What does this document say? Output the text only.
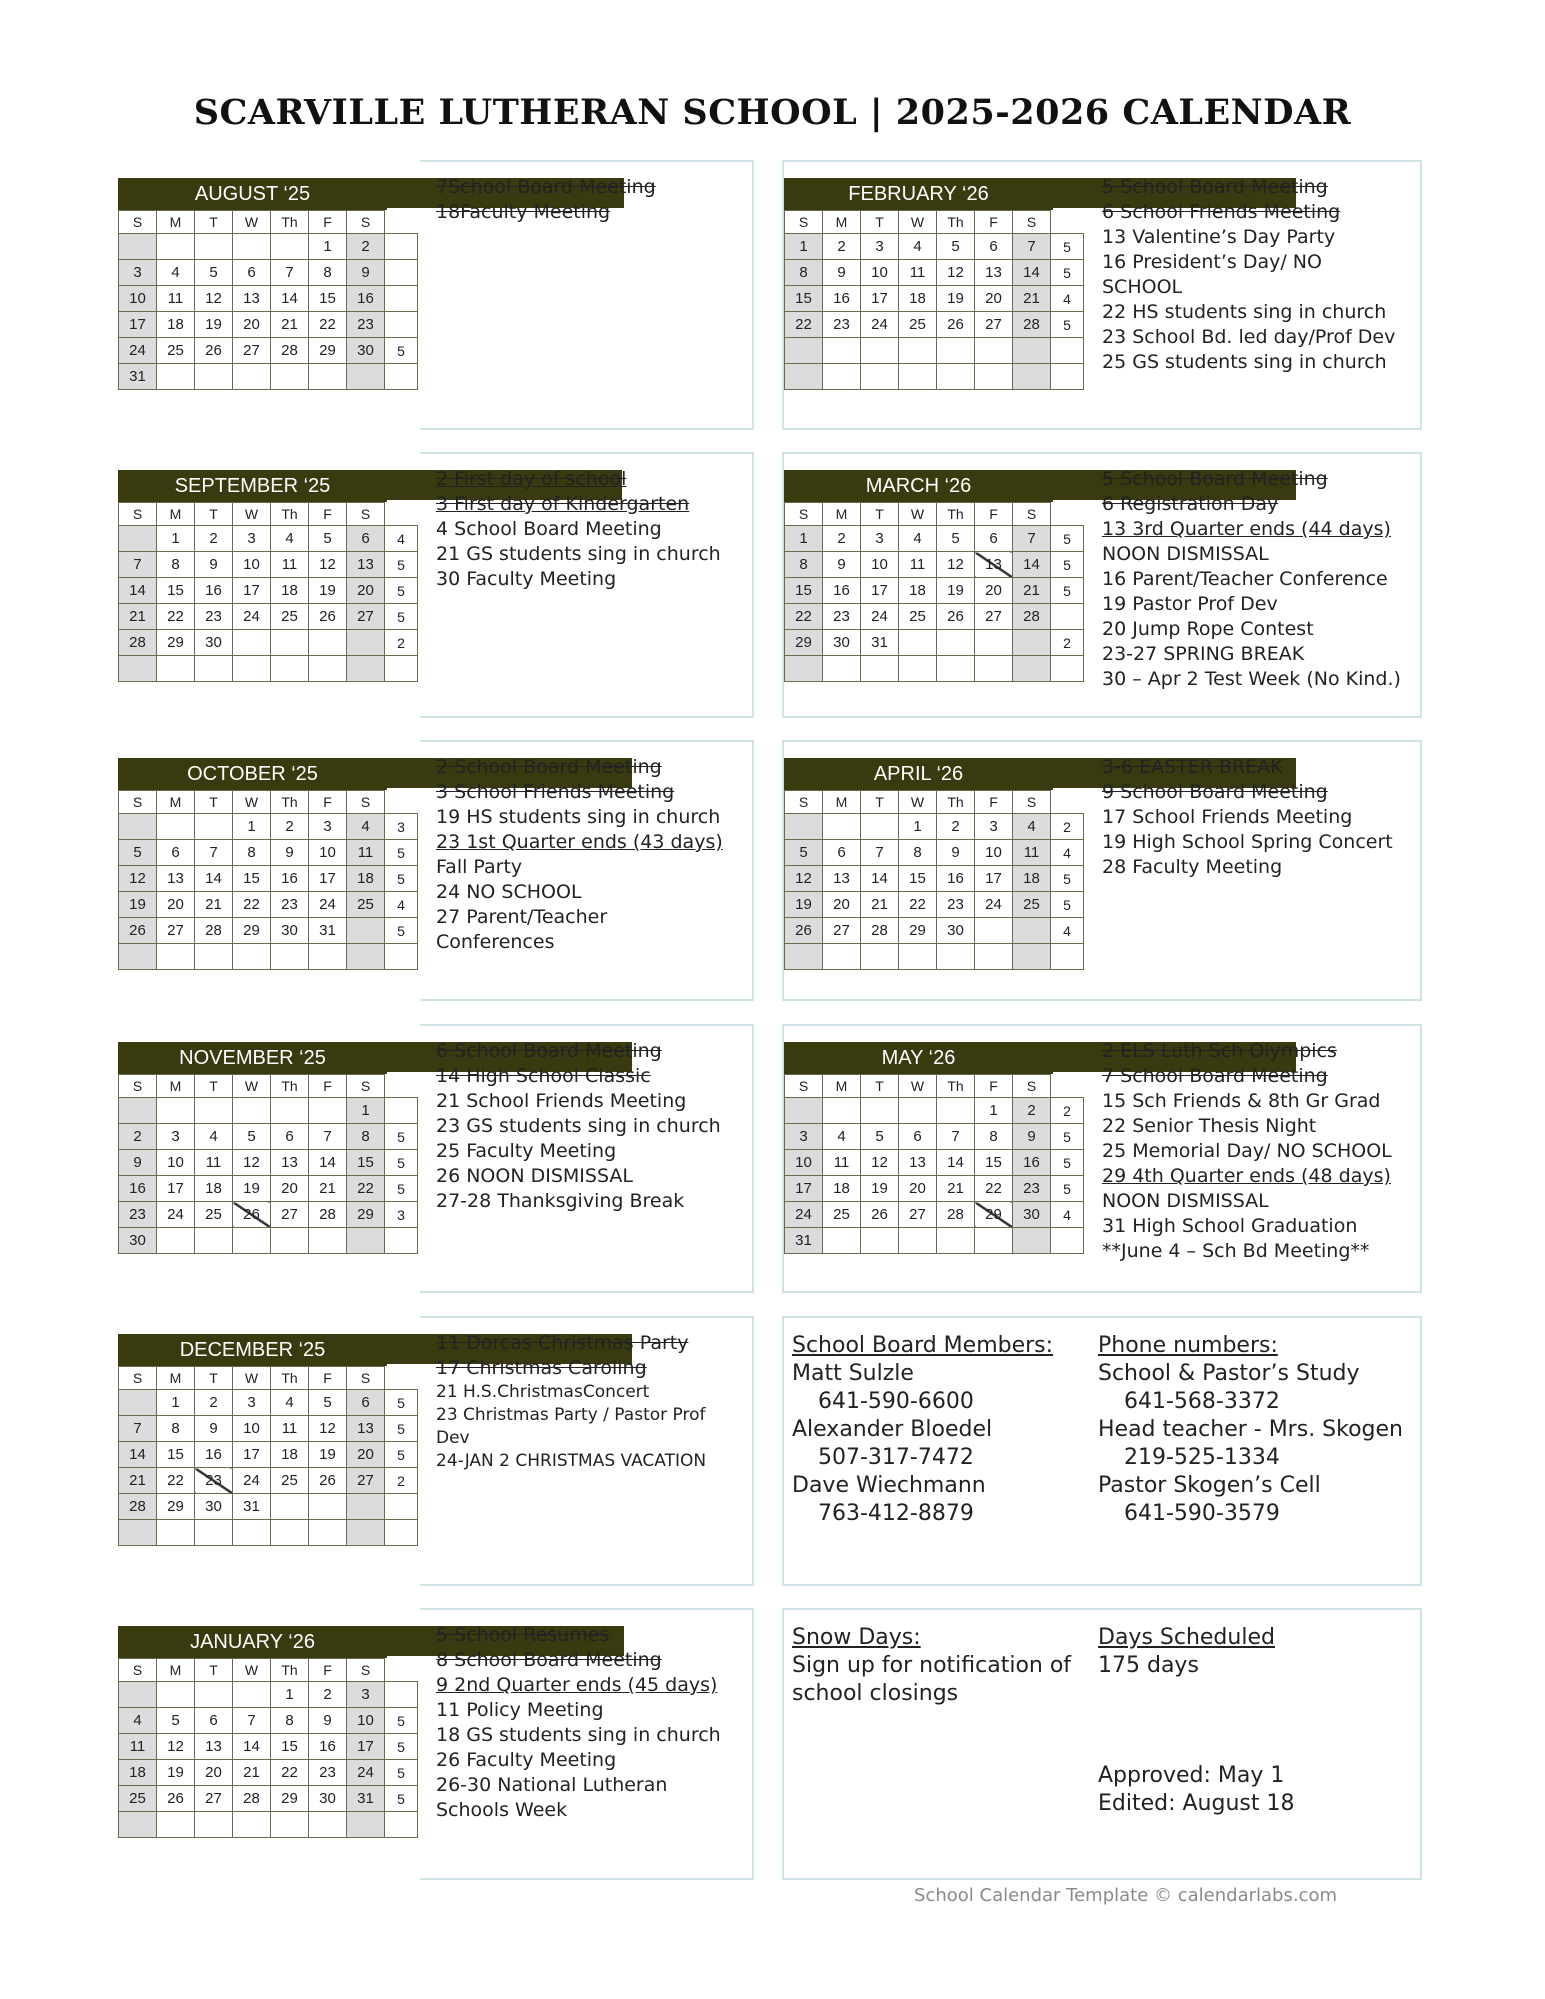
SCARVILLE LUTHERAN SCHOOL | 2025-2026 CALENDAR
AUGUST ‘25
S	M	T	W	Th	F	S	
					1	2	
3	4	5	6	7	8	9	
10	11	12	13	14	15	16	
17	18	19	20	21	22	23	
24	25	26	27	28	29	30	5
31							
7School Board Meeting
18Faculty Meeting
FEBRUARY ‘26
S	M	T	W	Th	F	S	
1	2	3	4	5	6	7	5
8	9	10	11	12	13	14	5
15	16	17	18	19	20	21	4
22	23	24	25	26	27	28	5

5 School Board Meeting
6 School Friends Meeting
13 Valentine’s Day Party
16 President’s Day/ NO
SCHOOL
22 HS students sing in church
23 School Bd. led day/Prof Dev
25 GS students sing in church
SEPTEMBER ‘25
S	M	T	W	Th	F	S	
	1	2	3	4	5	6	4
7	8	9	10	11	12	13	5
14	15	16	17	18	19	20	5
21	22	23	24	25	26	27	5
28	29	30					2

2 First day of school
3 First day of Kindergarten
4 School Board Meeting
21 GS students sing in church
30 Faculty Meeting
MARCH ‘26
S	M	T	W	Th	F	S	
1	2	3	4	5	6	7	5
8	9	10	11	12	13	14	5
15	16	17	18	19	20	21	5
22	23	24	25	26	27	28	
29	30	31					2

5 School Board Meeting
6 Registration Day
13 3rd Quarter ends (44 days)
NOON DISMISSAL
16 Parent/Teacher Conference
19 Pastor Prof Dev
20 Jump Rope Contest
23-27 SPRING BREAK
30 – Apr 2 Test Week (No Kind.)
OCTOBER ‘25
S	M	T	W	Th	F	S	
			1	2	3	4	3
5	6	7	8	9	10	11	5
12	13	14	15	16	17	18	5
19	20	21	22	23	24	25	4
26	27	28	29	30	31		5

2 School Board Meeting
3 School Friends Meeting
19 HS students sing in church
23 1st Quarter ends (43 days)
Fall Party
24 NO SCHOOL
27 Parent/Teacher
Conferences
APRIL ‘26
S	M	T	W	Th	F	S	
			1	2	3	4	2
5	6	7	8	9	10	11	4
12	13	14	15	16	17	18	5
19	20	21	22	23	24	25	5
26	27	28	29	30			4

3-6 EASTER BREAK
9 School Board Meeting
17 School Friends Meeting
19 High School Spring Concert
28 Faculty Meeting
NOVEMBER ‘25
S	M	T	W	Th	F	S	
						1	
2	3	4	5	6	7	8	5
9	10	11	12	13	14	15	5
16	17	18	19	20	21	22	5
23	24	25	26	27	28	29	3
30							
6 School Board Meeting
14 High School Classic
21 School Friends Meeting
23 GS students sing in church
25 Faculty Meeting
26 NOON DISMISSAL
27-28 Thanksgiving Break
MAY ‘26
S	M	T	W	Th	F	S	
					1	2	2
3	4	5	6	7	8	9	5
10	11	12	13	14	15	16	5
17	18	19	20	21	22	23	5
24	25	26	27	28	29	30	4
31							
2 ELS Luth Sch Olympics
7 School Board Meeting
15 Sch Friends & 8th Gr Grad
22 Senior Thesis Night
25 Memorial Day/ NO SCHOOL
29 4th Quarter ends (48 days)
NOON DISMISSAL
31 High School Graduation
**June 4 – Sch Bd Meeting**
DECEMBER ‘25
S	M	T	W	Th	F	S	
	1	2	3	4	5	6	5
7	8	9	10	11	12	13	5
14	15	16	17	18	19	20	5
21	22	23	24	25	26	27	2
28	29	30	31				

11 Dorcas Christmas Party
17 Christmas Caroling
21 H.S.ChristmasConcert
23 Christmas Party / Pastor Prof
Dev
24-JAN 2 CHRISTMAS VACATION
JANUARY ‘26
S	M	T	W	Th	F	S	
				1	2	3	
4	5	6	7	8	9	10	5
11	12	13	14	15	16	17	5
18	19	20	21	22	23	24	5
25	26	27	28	29	30	31	5

5 School Resumes
8 School Board Meeting
9 2nd Quarter ends (45 days)
11 Policy Meeting
18 GS students sing in church
26 Faculty Meeting
26-30 National Lutheran
Schools Week
School Board Members:
Matt Sulzle
641-590-6600
Alexander Bloedel
507-317-7472
Dave Wiechmann
763-412-8879
Phone numbers:
School & Pastor’s Study
641-568-3372
Head teacher - Mrs. Skogen
219-525-1334
Pastor Skogen’s Cell
641-590-3579
Snow Days:
Sign up for notification of
school closings
Days Scheduled
175 days
Approved: May 1
Edited: August 18
School Calendar Template © calendarlabs.com
